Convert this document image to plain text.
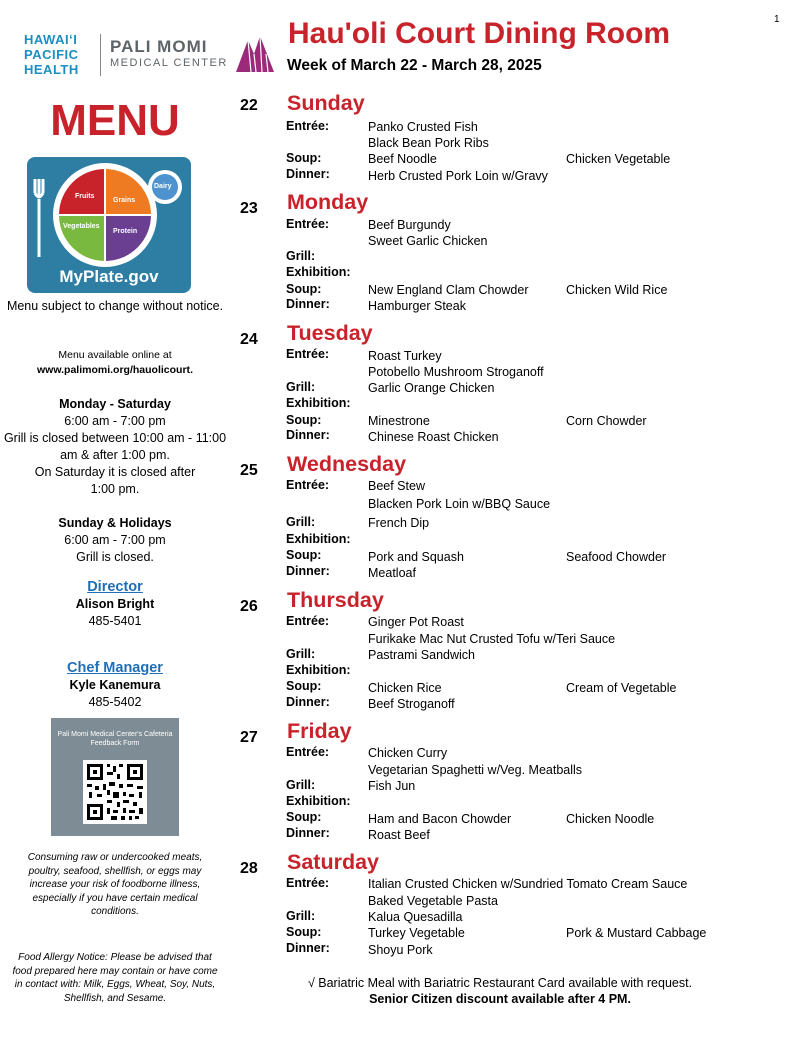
1
HAWAIʻI
PACIFIC
HEALTH
PALI MOMI
MEDICAL CENTER
Hau'oli Court Dining Room
Week of March 22 - March 28, 2025
MENU
Fruits
Grains
Vegetables
Protein
Dairy
MyPlate.gov
Menu subject to change without notice.
Menu available online at
www.palimomi.org/hauolicourt.
Monday - Saturday
6:00 am - 7:00 pm
Grill is closed between 10:00 am - 11:00 am & after 1:00 pm.
On Saturday it is closed after 1:00 pm.
Sunday & Holidays
6:00 am - 7:00 pm
Grill is closed.
Director
Alison Bright
485-5401
Chef Manager
Kyle Kanemura
485-5402
Pali Momi Medical Center's Cafeteria Feedback Form
Consuming raw or undercooked meats, poultry, seafood, shellfish, or eggs may increase your risk of foodborne illness, especially if you have certain medical conditions.
Food Allergy Notice: Please be advised that food prepared here may contain or have come in contact with: Milk, Eggs, Wheat, Soy, Nuts, Shellfish, and Sesame.
22 Sunday
Entrée:	Panko Crusted Fish
Black Bean Pork Ribs
Soup:	Beef Noodle	Chicken Vegetable
Dinner:	Herb Crusted Pork Loin w/Gravy
23 Monday
Entrée:	Beef Burgundy
Sweet Garlic Chicken
Grill:
Exhibition:
Soup:	New England Clam Chowder	Chicken Wild Rice
Dinner:	Hamburger Steak
24 Tuesday
Entrée:	Roast Turkey
Potobello Mushroom Stroganoff
Grill:	Garlic Orange Chicken
Exhibition:
Soup:	Minestrone	Corn Chowder
Dinner:	Chinese Roast Chicken
25 Wednesday
Entrée:	Beef Stew
Blacken Pork Loin w/BBQ Sauce
Grill:	French Dip
Exhibition:
Soup:	Pork and Squash	Seafood Chowder
Dinner:	Meatloaf
26 Thursday
Entrée:	Ginger Pot Roast
Furikake Mac Nut Crusted Tofu w/Teri Sauce
Grill:	Pastrami Sandwich
Exhibition:
Soup:	Chicken Rice	Cream of Vegetable
Dinner:	Beef Stroganoff
27 Friday
Entrée:	Chicken Curry
Vegetarian Spaghetti w/Veg. Meatballs
Grill:	Fish Jun
Exhibition:
Soup:	Ham and Bacon Chowder	Chicken Noodle
Dinner:	Roast Beef
28 Saturday
Entrée:	Italian Crusted Chicken w/Sundried Tomato Cream Sauce
Baked Vegetable Pasta
Grill:	Kalua Quesadilla
Soup:	Turkey Vegetable	Pork & Mustard Cabbage
Dinner:	Shoyu Pork
√ Bariatric Meal with Bariatric Restaurant Card available with request.
Senior Citizen discount available after 4 PM.
